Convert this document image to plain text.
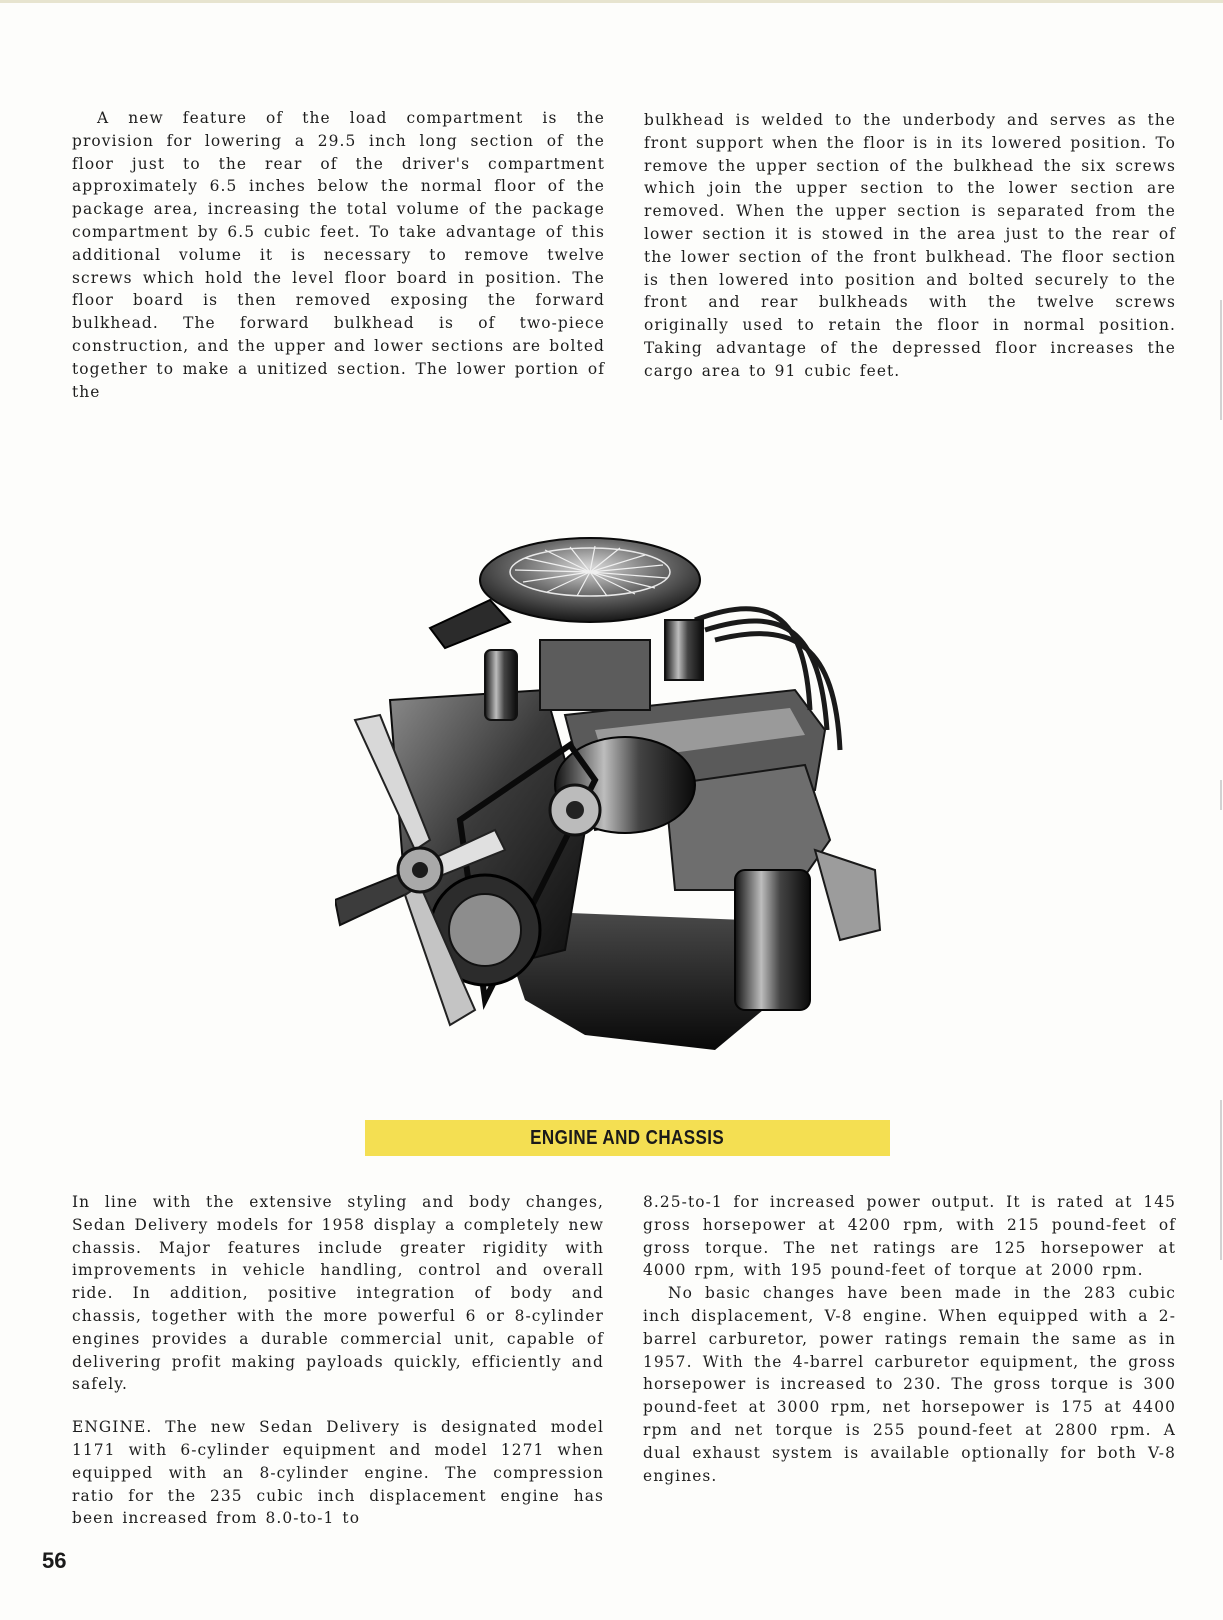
A new feature of the load compartment is the provision for lowering a 29.5 inch long section of the floor just to the rear of the driver's compartment approximately 6.5 inches below the normal floor of the package area, increasing the total volume of the package compartment by 6.5 cubic feet. To take advantage of this additional volume it is necessary to remove twelve screws which hold the level floor board in position. The floor board is then removed exposing the forward bulkhead. The forward bulkhead is of two-piece construction, and the upper and lower sections are bolted together to make a unitized section. The lower portion of the

bulkhead is welded to the underbody and serves as the front support when the floor is in its lowered position. To remove the upper section of the bulkhead the six screws which join the upper section to the lower section are removed. When the upper section is separated from the lower section it is stowed in the area just to the rear of the lower section of the front bulkhead. The floor section is then lowered into position and bolted securely to the front and rear bulkheads with the twelve screws originally used to retain the floor in normal position. Taking advantage of the depressed floor increases the cargo area to 91 cubic feet.

ENGINE AND CHASSIS

In line with the extensive styling and body changes, Sedan Delivery models for 1958 display a completely new chassis. Major features include greater rigidity with improvements in vehicle handling, control and overall ride. In addition, positive integration of body and chassis, together with the more powerful 6 or 8-cylinder engines provides a durable commercial unit, capable of delivering profit making payloads quickly, efficiently and safely.

ENGINE. The new Sedan Delivery is designated model 1171 with 6-cylinder equipment and model 1271 when equipped with an 8-cylinder engine. The compression ratio for the 235 cubic inch displacement engine has been increased from 8.0-to-1 to

8.25-to-1 for increased power output. It is rated at 145 gross horsepower at 4200 rpm, with 215 pound-feet of gross torque. The net ratings are 125 horsepower at 4000 rpm, with 195 pound-feet of torque at 2000 rpm.

No basic changes have been made in the 283 cubic inch displacement, V-8 engine. When equipped with a 2-barrel carburetor, power ratings remain the same as in 1957. With the 4-barrel carburetor equipment, the gross horsepower is increased to 230. The gross torque is 300 pound-feet at 3000 rpm, net horsepower is 175 at 4400 rpm and net torque is 255 pound-feet at 2800 rpm. A dual exhaust system is available optionally for both V-8 engines.

56
